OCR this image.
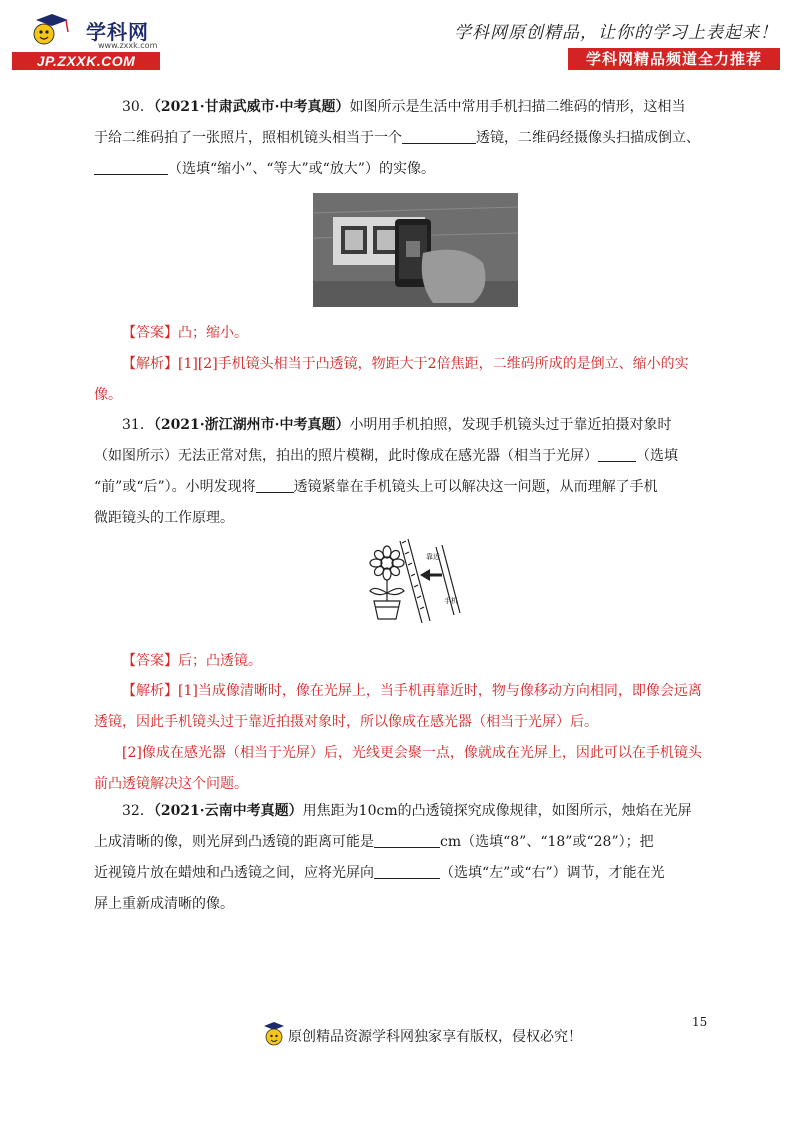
学科网
www.zxxk.com
JP.ZXXK.COM
学科网原创精品，让你的学习上表起来！
学科网精品频道全力推荐
30．（2021·甘肃武威市·中考真题）如图所示是生活中常用手机扫描二维码的情形，这相当
于给二维码拍了一张照片，照相机镜头相当于一个	透镜，二维码经摄像头扫描成倒立、
（选填“缩小”、“等大”或“放大”）的实像。
【答案】凸；缩小。
【解析】[1][2]手机镜头相当于凸透镜，物距大于2倍焦距，二维码所成的是倒立、缩小的实像。
31．（2021·浙江湖州市·中考真题）小明用手机拍照，发现手机镜头过于靠近拍摄对象时
（如图所示）无法正常对焦，拍出的照片模糊，此时像成在感光器（相当于光屏）	（选填
“前”或“后”）。小明发现将	透镜紧靠在手机镜头上可以解决这一问题，从而理解了手机
微距镜头的工作原理。
靠近
手机
【答案】后；凸透镜。
【解析】[1]当成像清晰时，像在光屏上，当手机再靠近时，物与像移动方向相同，即像会远离透镜，因此手机镜头过于靠近拍摄对象时，所以像成在感光器（相当于光屏）后。
[2]像成在感光器（相当于光屏）后，光线更会聚一点，像就成在光屏上，因此可以在手机镜头前凸透镜解决这个问题。
32．（2021·云南中考真题）用焦距为10cm的凸透镜探究成像规律，如图所示，烛焰在光屏
上成清晰的像，则光屏到凸透镜的距离可能是	cm（选填“8”、“18”或“28”）；把
近视镜片放在蜡烛和凸透镜之间，应将光屏向	（选填“左”或“右”）调节，才能在光
屏上重新成清晰的像。
15
原创精品资源学科网独家享有版权，侵权必究！
